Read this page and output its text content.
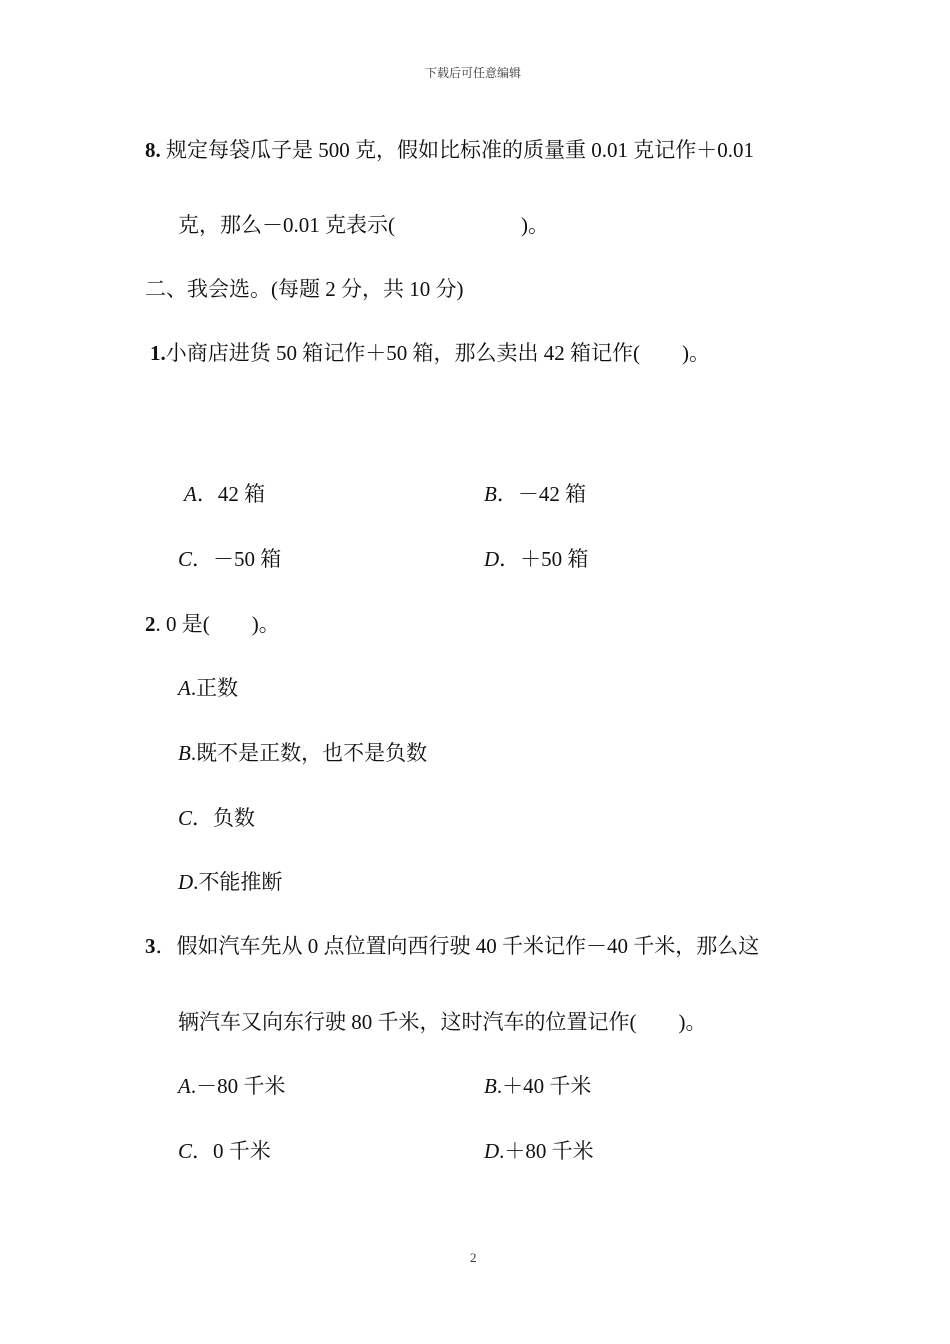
下载后可任意编辑
8. 规定每袋瓜子是 500 克，假如比标准的质量重 0.01 克记作＋0.01
克，那么－0.01 克表示(　　　　　　)。
二、我会选。(每题 2 分，共 10 分)
1.小商店进货 50 箱记作＋50 箱，那么卖出 42 箱记作(　　)。
A．42 箱	B．－42 箱
C．－50 箱	D．＋50 箱
2. 0 是(　　)。
A.正数
B.既不是正数，也不是负数
C．负数
D.不能推断
3．假如汽车先从 0 点位置向西行驶 40 千米记作－40 千米，那么这
辆汽车又向东行驶 80 千米，这时汽车的位置记作(　　)。
A.－80 千米	B.＋40 千米
C．0 千米	D.＋80 千米
2
